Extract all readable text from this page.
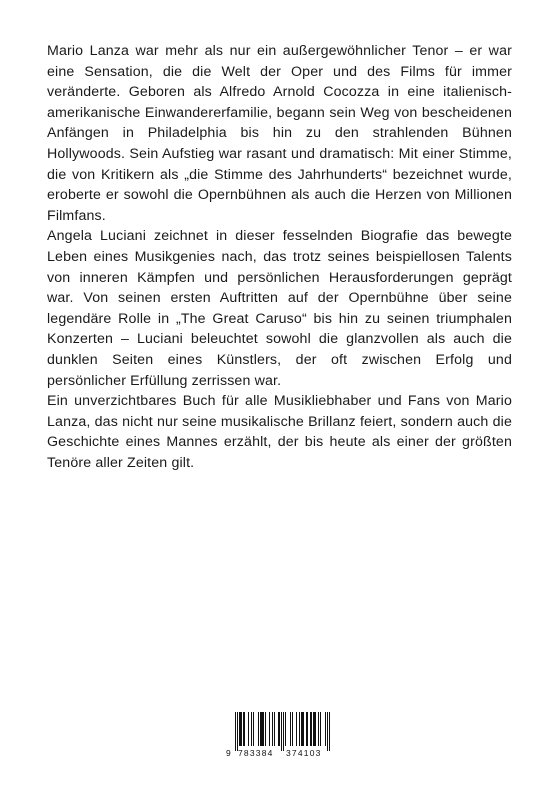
Mario Lanza war mehr als nur ein außergewöhnlicher Tenor – er war eine Sensation, die die Welt der Oper und des Films für immer veränderte. Geboren als Alfredo Arnold Cocozza in eine italienisch-amerikanische Einwandererfamilie, begann sein Weg von bescheidenen Anfängen in Philadelphia bis hin zu den strahlenden Bühnen Hollywoods. Sein Aufstieg war rasant und dramatisch: Mit einer Stimme, die von Kritikern als „die Stimme des Jahrhunderts“ bezeichnet wurde, eroberte er sowohl die Opernbühnen als auch die Herzen von Millionen Filmfans.

Angela Luciani zeichnet in dieser fesselnden Biografie das bewegte Leben eines Musikgenies nach, das trotz seines beispiellosen Talents von inneren Kämpfen und persönlichen Herausforderungen geprägt war. Von seinen ersten Auftritten auf der Opernbühne über seine legendäre Rolle in „The Great Caruso“ bis hin zu seinen triumphalen Konzerten – Luciani beleuchtet sowohl die glanzvollen als auch die dunklen Seiten eines Künstlers, der oft zwischen Erfolg und persönlicher Erfüllung zerrissen war.

Ein unverzichtbares Buch für alle Musikliebhaber und Fans von Mario Lanza, das nicht nur seine musikalische Brillanz feiert, sondern auch die Geschichte eines Mannes erzählt, der bis heute als einer der größten Tenöre aller Zeiten gilt.

9 783384 374103
